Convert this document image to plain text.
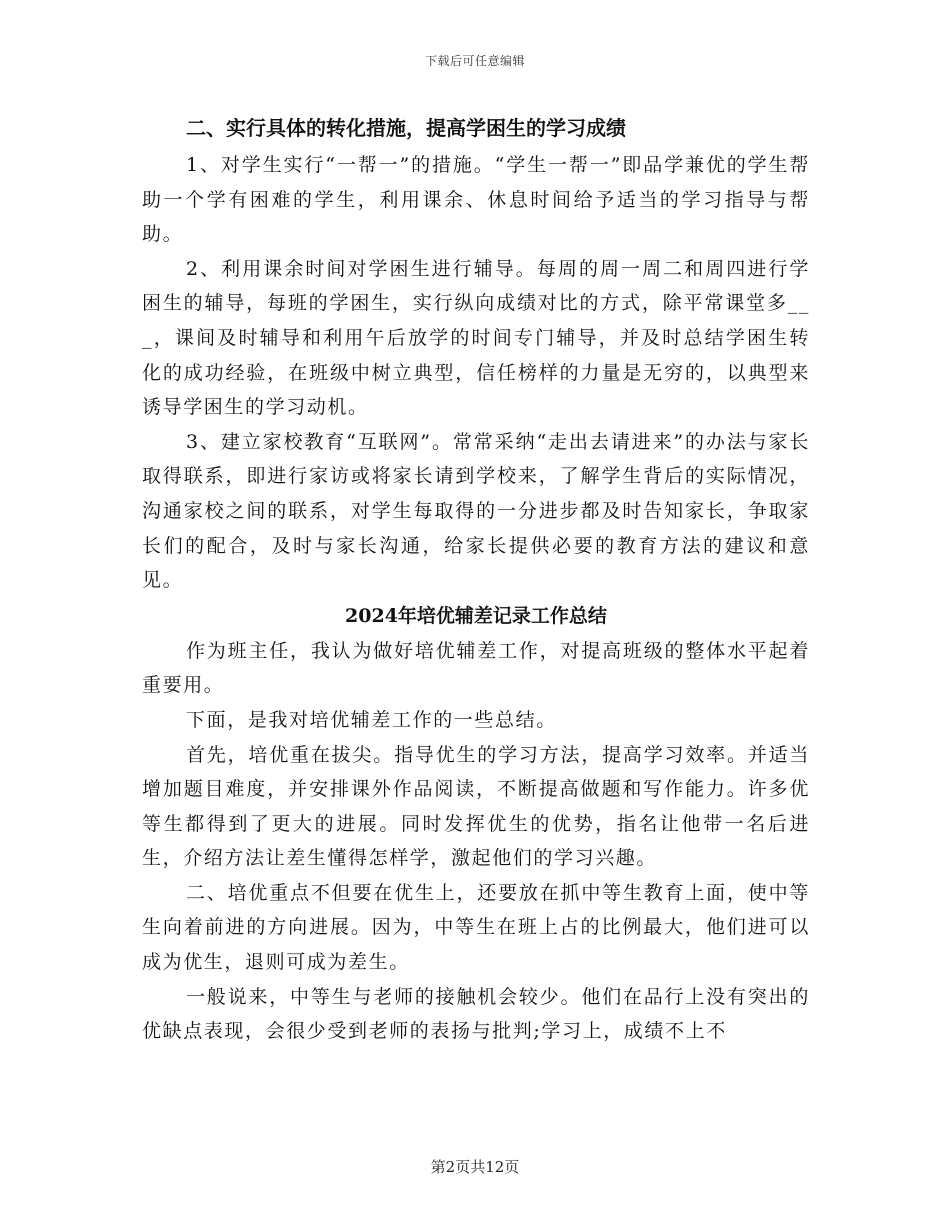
下载后可任意编辑

二、实行具体的转化措施，提高学困生的学习成绩

1、对学生实行“一帮一”的措施。“学生一帮一”即品学兼优的学生帮助一个学有困难的学生，利用课余、休息时间给予适当的学习指导与帮助。

2、利用课余时间对学困生进行辅导。每周的周一周二和周四进行学困生的辅导，每班的学困生，实行纵向成绩对比的方式，除平常课堂多___，课间及时辅导和利用午后放学的时间专门辅导，并及时总结学困生转化的成功经验，在班级中树立典型，信任榜样的力量是无穷的，以典型来诱导学困生的学习动机。

3、建立家校教育“互联网”。常常采纳“走出去请进来”的办法与家长取得联系，即进行家访或将家长请到学校来，了解学生背后的实际情况，沟通家校之间的联系，对学生每取得的一分进步都及时告知家长，争取家长们的配合，及时与家长沟通，给家长提供必要的教育方法的建议和意见。

2024年培优辅差记录工作总结

作为班主任，我认为做好培优辅差工作，对提高班级的整体水平起着重要用。

下面，是我对培优辅差工作的一些总结。

首先，培优重在拔尖。指导优生的学习方法，提高学习效率。并适当增加题目难度，并安排课外作品阅读，不断提高做题和写作能力。许多优等生都得到了更大的进展。同时发挥优生的优势，指名让他带一名后进生，介绍方法让差生懂得怎样学，激起他们的学习兴趣。

二、培优重点不但要在优生上，还要放在抓中等生教育上面，使中等生向着前进的方向进展。因为，中等生在班上占的比例最大，他们进可以成为优生，退则可成为差生。

一般说来，中等生与老师的接触机会较少。他们在品行上没有突出的优缺点表现，会很少受到老师的表扬与批判;学习上，成绩不上不

第2页共12页
